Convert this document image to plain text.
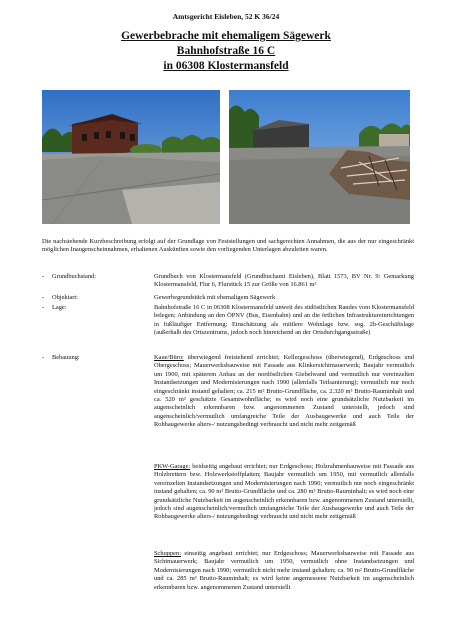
Amtsgericht Eisleben, 52 K 36/24
Gewerbebrache mit ehemaligem Sägewerk
Bahnhofstraße 16 C
in 06308 Klostermansfeld
Die nachstehende Kurzbeschreibung erfolgt auf der Grundlage von Feststellungen und sachgerechten Annahmen, die aus der nur eingeschränkt möglichen Inaugenscheinnahmen, erhaltenen Auskünften sowie den vorliegenden Unterlagen abzuleiten waren.
-	Grundbuchstand:	Grundbuch von Klostermansfeld (Grundbuchamt Eisleben), Blatt 1573, BV Nr. 9: Gemarkung Klostermansfeld, Flur 6, Flurstück 15 zur Größe von 16.861 m²
-	Objektart:	Gewerbegrundstück mit ehemaligem Sägewerk
-	Lage:	Bahnhofstraße 16 C in 06308 Klostermansfeld unweit des südöstlichen Randes vom Klostermansfeld belegen; Anbindung an den ÖPNV (Bus, Eisenbahn) und an die örtlichen Infrastruktureinrichtungen in fußläufiger Entfernung; Einschätzung als mittlere Wohnlage bzw. sog. 2b-Geschäftslage (außerhalb des Ortszentrums, jedoch noch hinreichend an der Ortsdurchgangsstraße)
-	Bebauung:	Kaue/Büro: überwiegend freistehend errichtet; Kellergeschoss (überwiegend), Erdgeschoss und Obergeschoss; Mauerwerksbauweise mit Fassade aus Klinkersichtmauerwerk; Baujahr vermutlich um 1900, mit späterem Anbau an der nordöstlichen Giebelwand und vermutlich nur vereinzelten Instandsetzungen und Modernisierungen nach 1990 (allenfalls Teilsanierung); vermutlich nur noch eingeschränkt instand gehalten; ca. 215 m² Brutto-Grundfläche, ca. 2.320 m³ Brutto-Rauminhalt und ca. 520 m² geschätzte Gesamtwohnfläche; es wird noch eine grundsätzliche Nutzbarkeit im augenscheinlich erkennbaren bzw. angenommenen Zustand unterstellt, jedoch sind augenscheinlich/vermutlich umfangreiche Teile der Ausbaugewerke und auch Teile der Rohbaugewerke alters-/ nutzungsbedingt verbraucht und nicht mehr zeitgemäß
PKW-Garage: beidseitig angebaut errichtet; nur Erdgeschoss; Holzrahmenbauweise mit Fassade aus Holzbrettern bzw. Holzwerkstoffplatten; Baujahr vermutlich um 1950, mit vermutlich allenfalls vereinzelten Instandsetzungen und Modernisierungen nach 1990; vermutlich nur noch eingeschränkt instand gehalten; ca. 90 m² Brutto-Grundfläche und ca. 280 m³ Brutto-Rauminhalt; es wird noch eine grundsätzliche Nutzbarkeit im augenscheinlich erkennbaren bzw. angenommenen Zustand unterstellt, jedoch sind augenscheinlich/vermutlich umfangreiche Teile der Ausbaugewerke und auch Teile der Rohbaugewerke alters-/ nutzungsbedingt verbraucht und nicht mehr zeitgemäß
Schuppen: einseitig angebaut errichtet; nur Erdgeschoss; Mauerwerksbauweise mit Fassade aus Sichtmauerwerk; Baujahr vermutlich um 1950, vermutlich ohne Instandsetzungen und Modernisierungen nach 1990; vermutlich nicht mehr instand gehalten; ca. 90 m² Brutto-Grundfläche und ca. 285 m³ Brutto-Rauminhalt; es wird keine angemessene Nutzbarkeit im augenscheinlich erkennbaren bzw. angenommenen Zustand unterstellt
